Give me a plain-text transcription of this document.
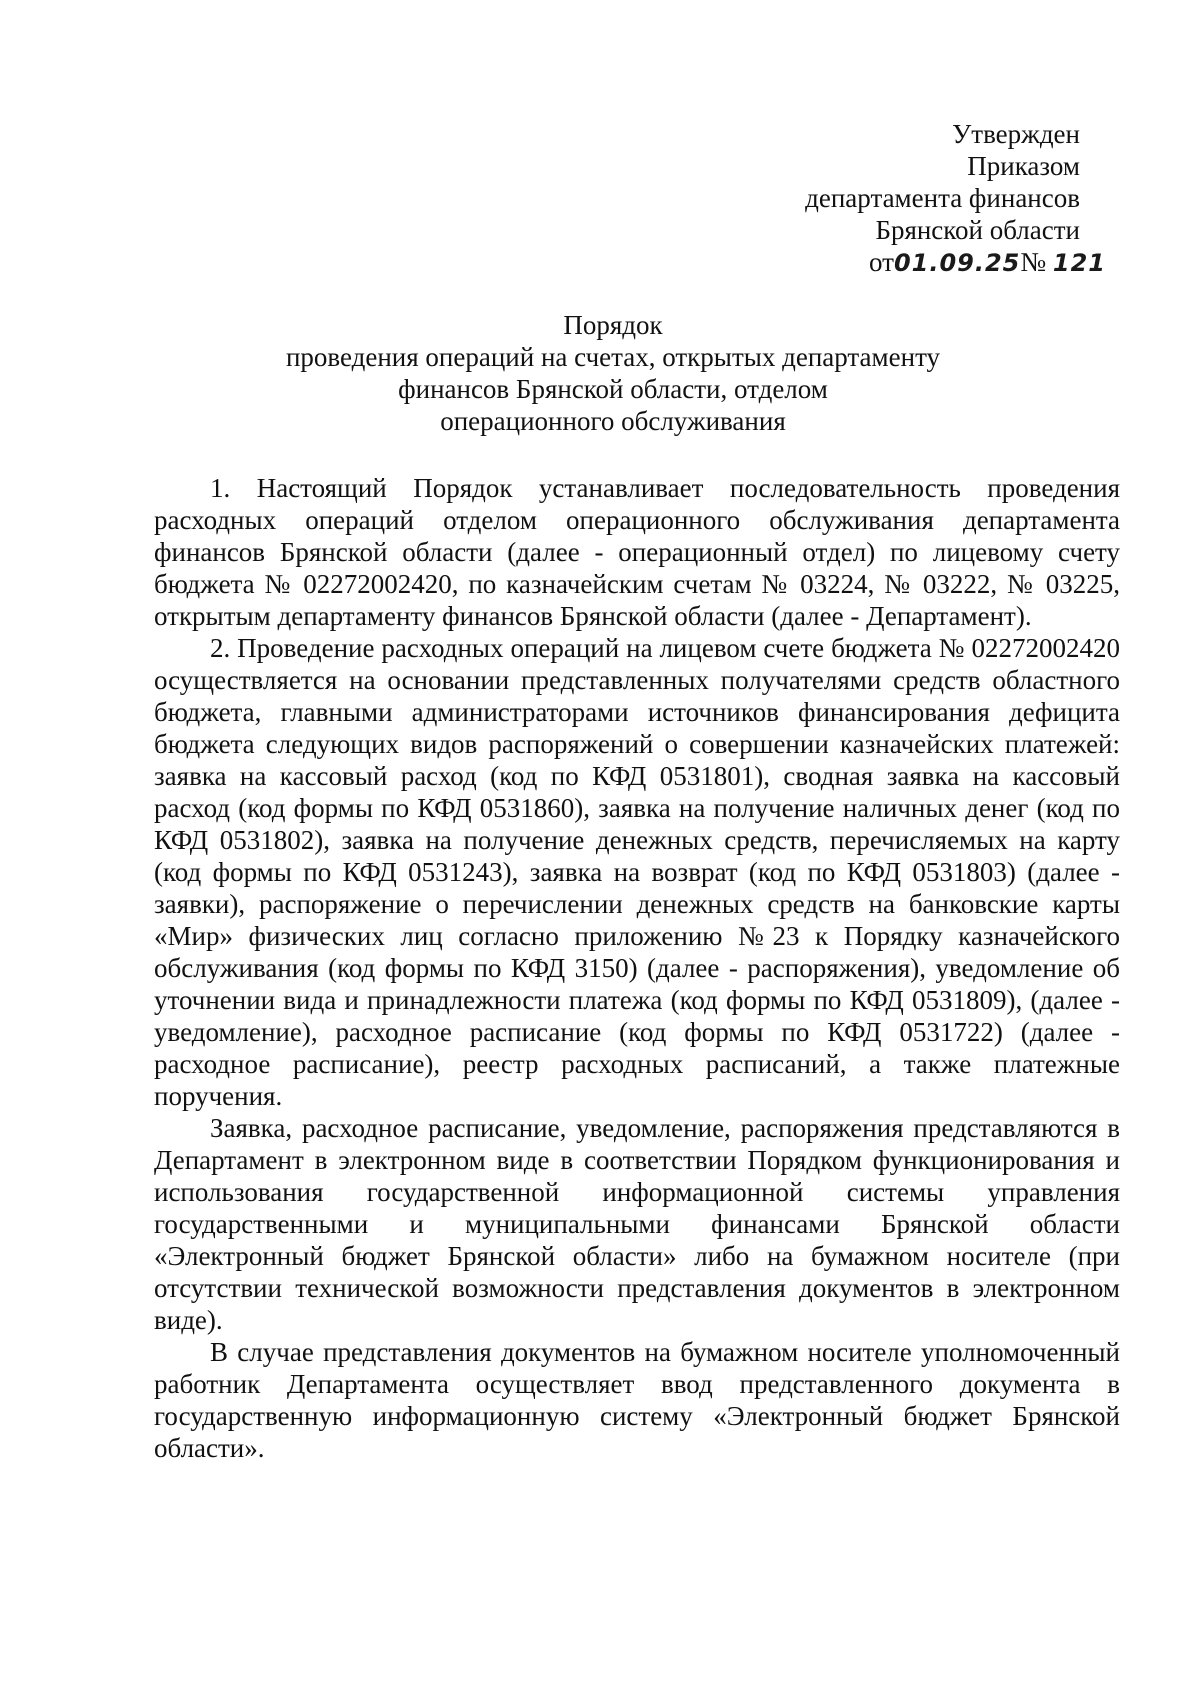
Утвержден
Приказом
департамента финансов
Брянской области
от01.09.25№ 121
Порядок
проведения операций на счетах, открытых департаменту
финансов Брянской области, отделом
операционного обслуживания

1. Настоящий Порядок устанавливает последовательность проведения расходных операций отделом операционного обслуживания департамента финансов Брянской области (далее - операционный отдел) по лицевому счету бюджета № 02272002420, по казначейским счетам № 03224, № 03222, № 03225, открытым департаменту финансов Брянской области (далее - Департамент).

2. Проведение расходных операций на лицевом счете бюджета № 02272002420 осуществляется на основании представленных получателями средств областного бюджета, главными администраторами источников финансирования дефицита бюджета следующих видов распоряжений о совершении казначейских платежей: заявка на кассовый расход (код по КФД 0531801), сводная заявка на кассовый расход (код формы по КФД 0531860), заявка на получение наличных денег (код по КФД 0531802), заявка на получение денежных средств, перечисляемых на карту (код формы по КФД 0531243), заявка на возврат (код по КФД 0531803) (далее - заявки), распоряжение о перечислении денежных средств на банковские карты «Мир» физических лиц согласно приложению №23 к Порядку казначейского обслуживания (код формы по КФД 3150) (далее - распоряжения), уведомление об уточнении вида и принадлежности платежа (код формы по КФД 0531809), (далее - уведомление), расходное расписание (код формы по КФД 0531722) (далее - расходное расписание), реестр расходных расписаний, а также платежные поручения.

Заявка, расходное расписание, уведомление, распоряжения представляются в Департамент в электронном виде в соответствии Порядком функционирования и использования государственной информационной системы управления государственными и муниципальными финансами Брянской области «Электронный бюджет Брянской области» либо на бумажном носителе (при отсутствии технической возможности представления документов в электронном виде).

В случае представления документов на бумажном носителе уполномоченный работник Департамента осуществляет ввод представленного документа в государственную информационную систему «Электронный бюджет Брянской области».
